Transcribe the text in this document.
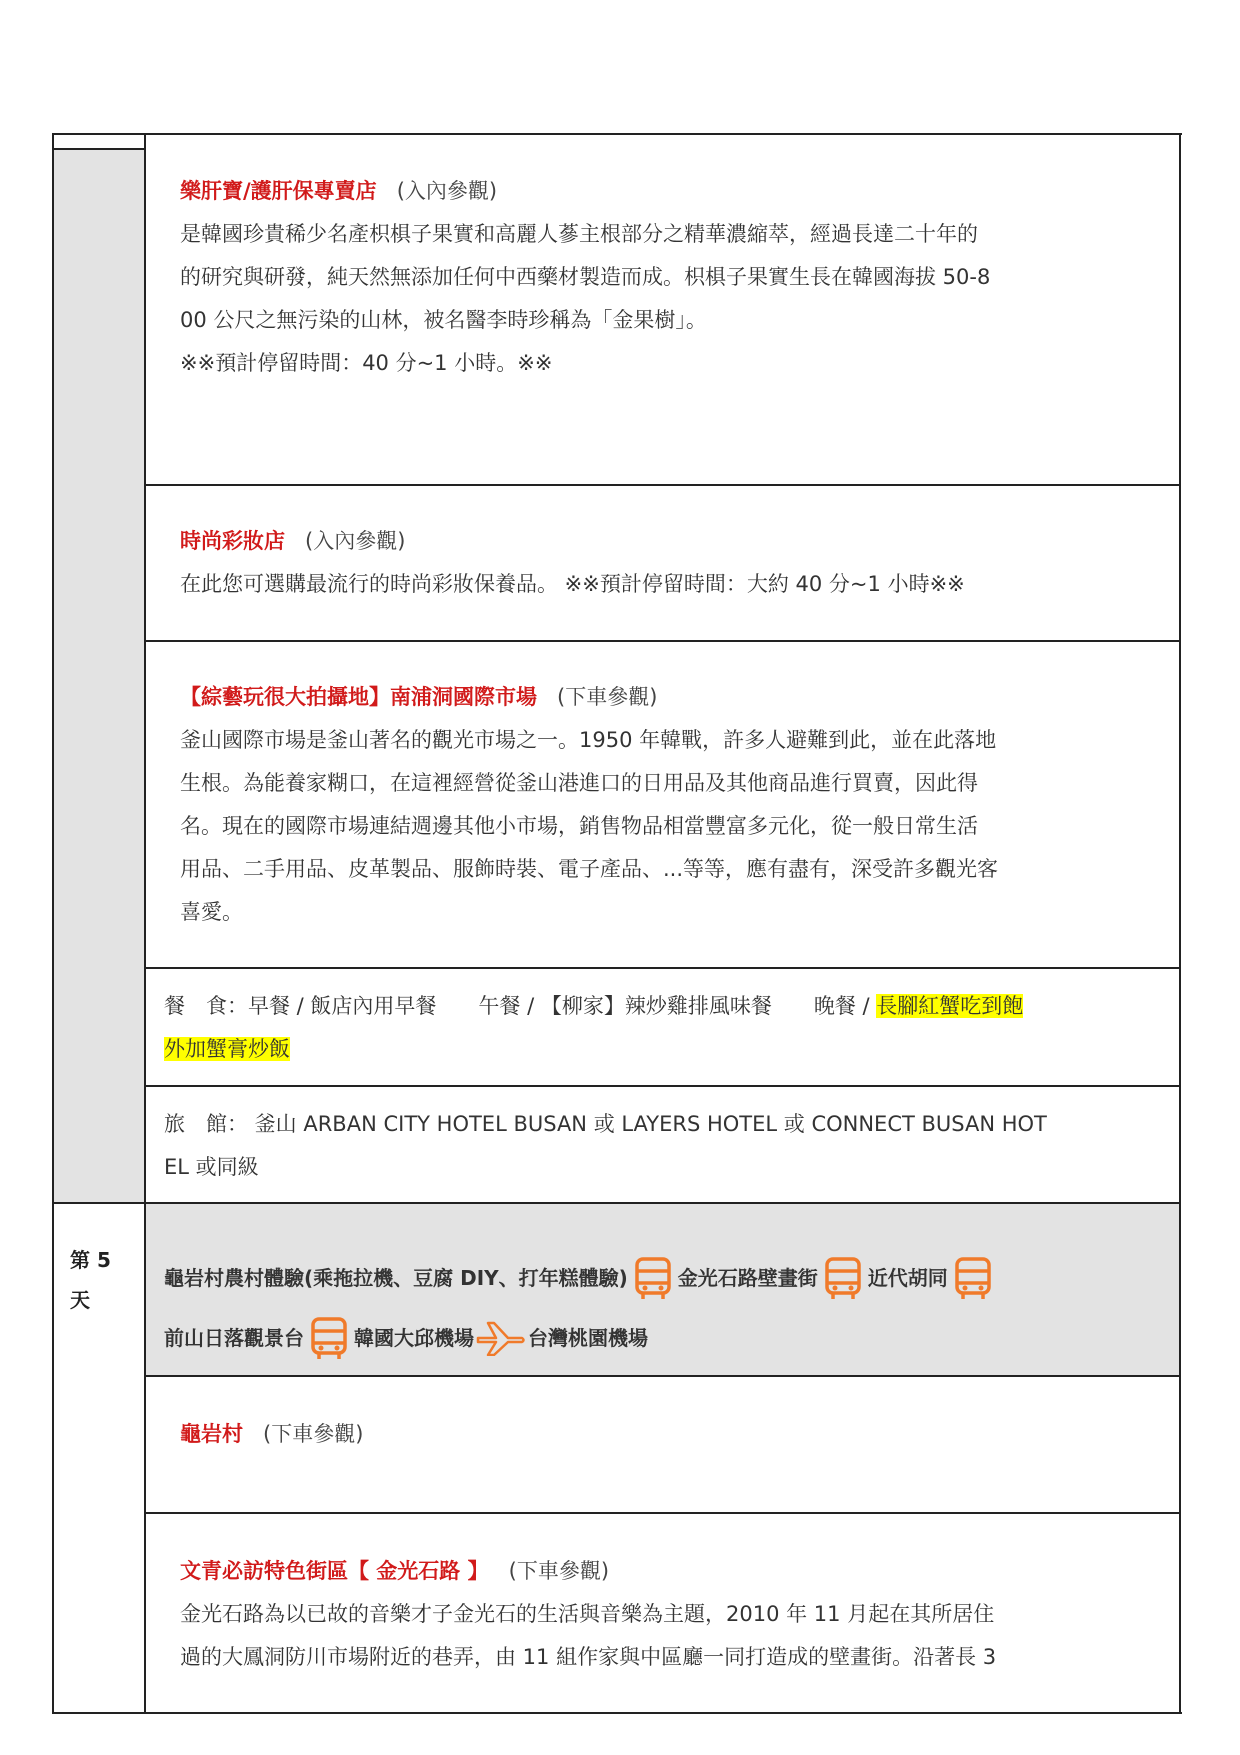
樂肝寶/護肝保專賣店 (入內參觀)
是韓國珍貴稀少名產枳椇子果實和高麗人蔘主根部分之精華濃縮萃，經過長達二十年的
的研究與研發，純天然無添加任何中西藥材製造而成。枳椇子果實生長在韓國海拔 50-8
00 公尺之無污染的山林，被名醫李時珍稱為「金果樹」。
※※預計停留時間：40 分~1 小時。※※
時尚彩妝店 (入內參觀)
在此您可選購最流行的時尚彩妝保養品。 ※※預計停留時間：大約 40 分~1 小時※※
【綜藝玩很大拍攝地】南浦洞國際市場 (下車參觀)
釜山國際市場是釜山著名的觀光市場之一。1950 年韓戰，許多人避難到此，並在此落地
生根。為能養家糊口，在這裡經營從釜山港進口的日用品及其他商品進行買賣，因此得
名。現在的國際市場連結週邊其他小市場，銷售物品相當豐富多元化，從一般日常生活
用品、二手用品、皮革製品、服飾時裝、電子產品、...等等，應有盡有，深受許多觀光客
喜愛。
餐　食：早餐 / 飯店內用早餐　　午餐 / 【柳家】辣炒雞排風味餐　　晚餐 / 長腳紅蟹吃到飽
外加蟹膏炒飯
旅　館： 釜山 ARBAN CITY HOTEL BUSAN 或 LAYERS HOTEL 或 CONNECT BUSAN HOT
EL 或同級
第 5
天
龜岩村農村體驗(乘拖拉機、豆腐 DIY、打年糕體驗)	金光石路壁畫街	近代胡同
前山日落觀景台	韓國大邱機場	台灣桃園機場
龜岩村 (下車參觀)
文青必訪特色街區【 金光石路 】 (下車參觀)
金光石路為以已故的音樂才子金光石的生活與音樂為主題，2010 年 11 月起在其所居住
過的大鳳洞防川市場附近的巷弄，由 11 組作家與中區廳一同打造成的壁畫街。沿著長 3
